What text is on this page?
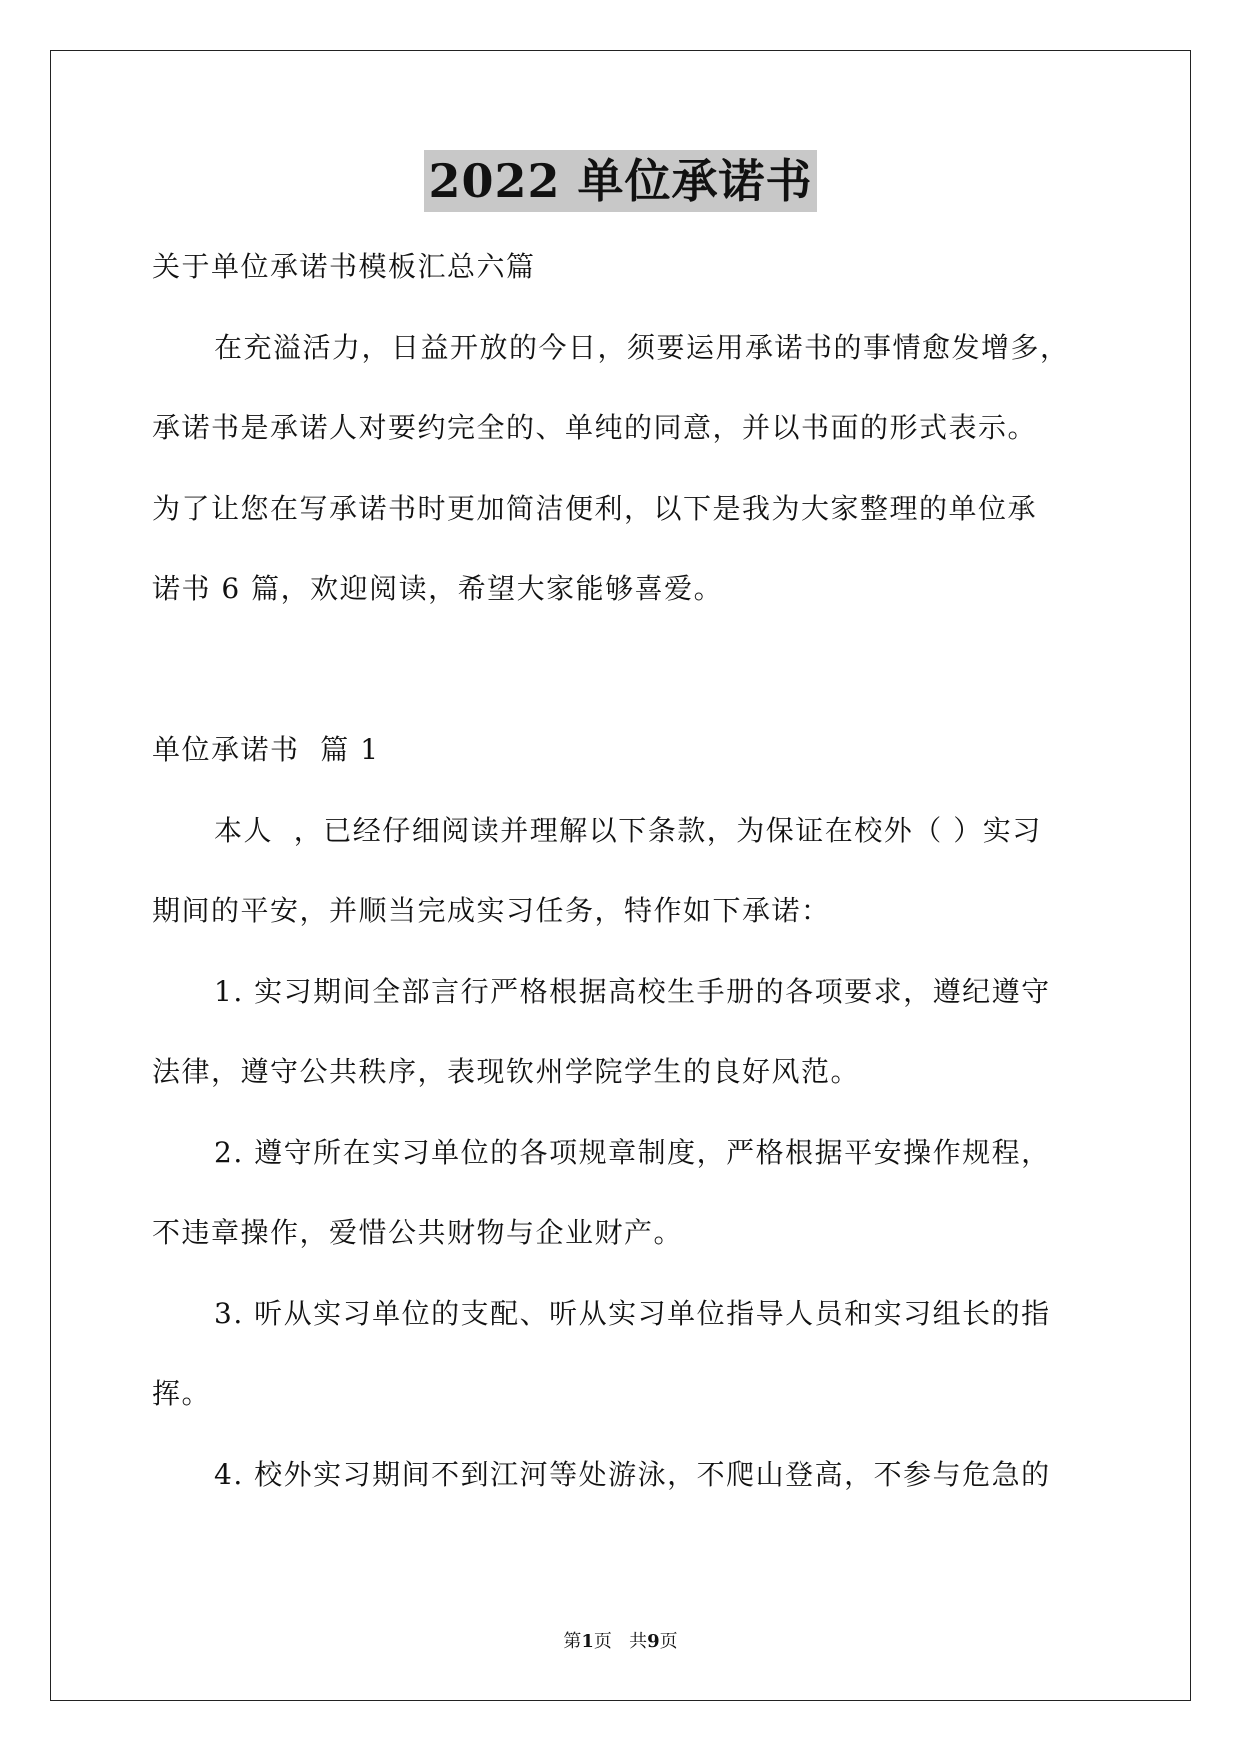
2022 单位承诺书
关于单位承诺书模板汇总六篇
在充溢活力，日益开放的今日，须要运用承诺书的事情愈发增多，
承诺书是承诺人对要约完全的、单纯的同意，并以书面的形式表示。
为了让您在写承诺书时更加简洁便利，以下是我为大家整理的单位承
诺书 6 篇，欢迎阅读，希望大家能够喜爱。
单位承诺书  篇 1
本人  ，已经仔细阅读并理解以下条款，为保证在校外（ ）实习
期间的平安，并顺当完成实习任务，特作如下承诺：
1. 实习期间全部言行严格根据高校生手册的各项要求，遵纪遵守
法律，遵守公共秩序，表现钦州学院学生的良好风范。
2. 遵守所在实习单位的各项规章制度，严格根据平安操作规程，
不违章操作，爱惜公共财物与企业财产。
3. 听从实习单位的支配、听从实习单位指导人员和实习组长的指
挥。
4. 校外实习期间不到江河等处游泳，不爬山登高，不参与危急的
第1页   共9页
